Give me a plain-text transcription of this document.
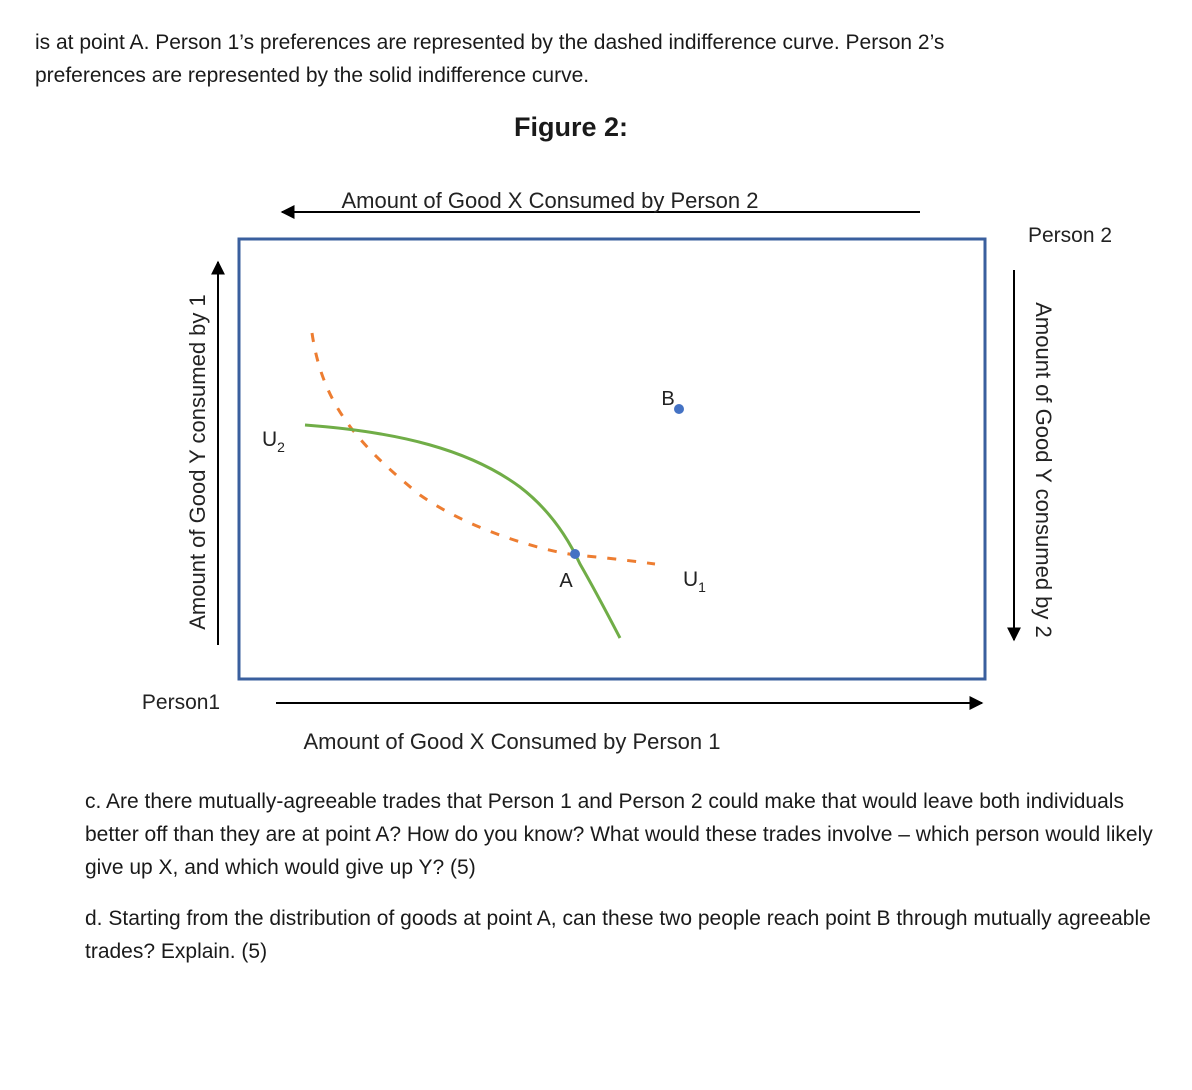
is at point A. Person 1’s preferences are represented by the dashed indifference curve. Person 2’s

preferences are represented by the solid indifference curve.

Figure 2:
Amount of Good X Consumed by Person 2
Person 2
Amount of Good Y consumed by 1	Amount of Good Y consumed by 2
Amount of Good X Consumed by Person 1
Person1
A
B
$U_2$
$U_1$

c. Are there mutually-agreeable trades that Person 1 and Person 2 could make that would leave both individuals better off than they are at point A? How do you know? What would these trades involve – which person would likely give up X, and which would give up Y? (5)

d. Starting from the distribution of goods at point A, can these two people reach point B through mutually agreeable trades? Explain. (5)
